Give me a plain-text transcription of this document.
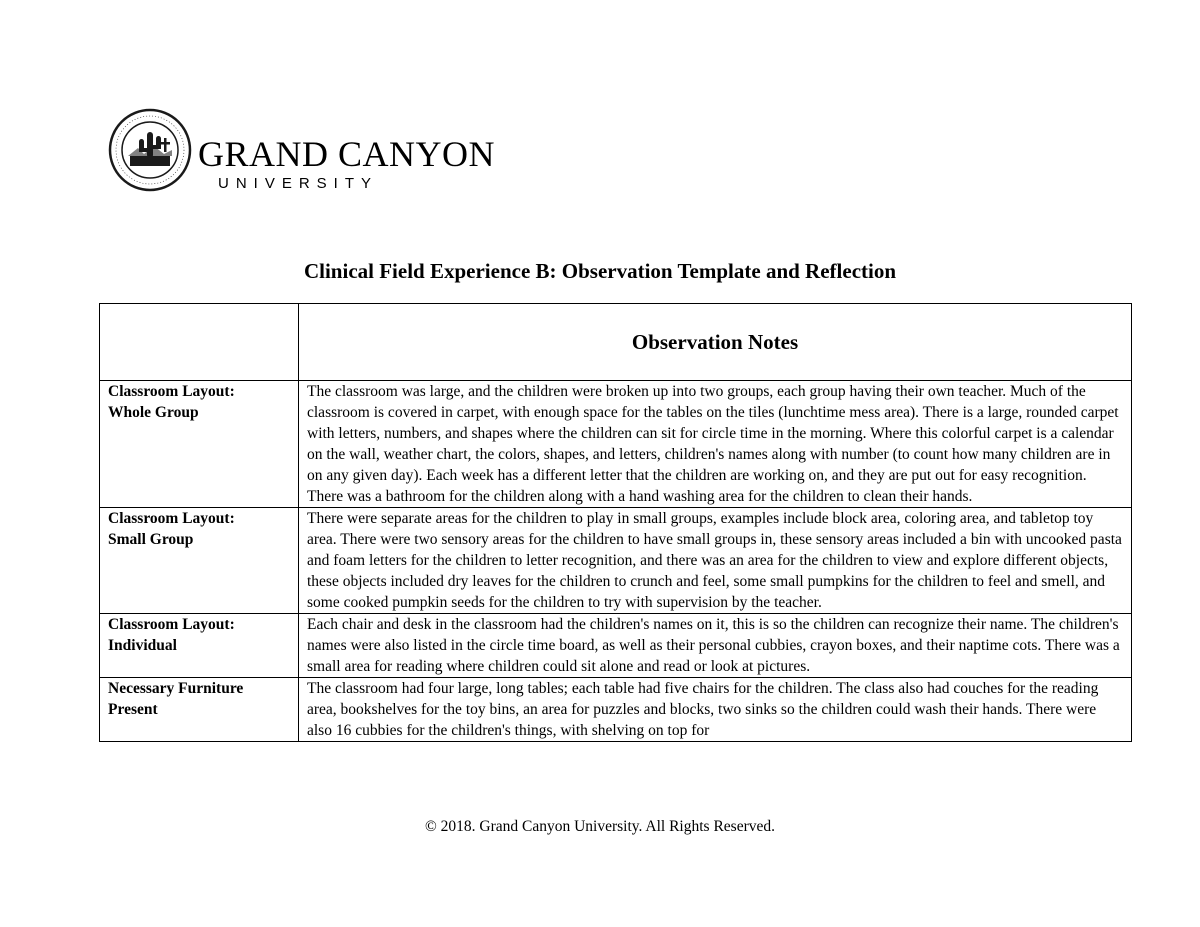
GRAND CANYON
UNIVERSITY
Clinical Field Experience B: Observation Template and Reflection
	Observation Notes

Classroom Layout:
Whole Group	The classroom was large, and the children were broken up into two groups, each group having their own teacher. Much of the classroom is covered in carpet, with enough space for the tables on the tiles (lunchtime mess area). There is a large, rounded carpet with letters, numbers, and shapes where the children can sit for circle time in the morning. Where this colorful carpet is a calendar on the wall, weather chart, the colors, shapes, and letters, children's names along with number (to count how many children are in on any given day). Each week has a different letter that the children are working on, and they are put out for easy recognition. There was a bathroom for the children along with a hand washing area for the children to clean their hands.

Classroom Layout:
Small Group	There were separate areas for the children to play in small groups, examples include block area, coloring area, and tabletop toy area. There were two sensory areas for the children to have small groups in, these sensory areas included a bin with uncooked pasta and foam letters for the children to letter recognition, and there was an area for the children to view and explore different objects, these objects included dry leaves for the children to crunch and feel, some small pumpkins for the children to feel and smell, and some cooked pumpkin seeds for the children to try with supervision by the teacher.

Classroom Layout:
Individual	Each chair and desk in the classroom had the children's names on it, this is so the children can recognize their name. The children's names were also listed in the circle time board, as well as their personal cubbies, crayon boxes, and their naptime cots. There was a small area for reading where children could sit alone and read or look at pictures.

Necessary Furniture
Present	The classroom had four large, long tables; each table had five chairs for the children. The class also had couches for the reading area, bookshelves for the toy bins, an area for puzzles and blocks, two sinks so the children could wash their hands. There were also 16 cubbies for the children's things, with shelving on top for
© 2018. Grand Canyon University. All Rights Reserved.
